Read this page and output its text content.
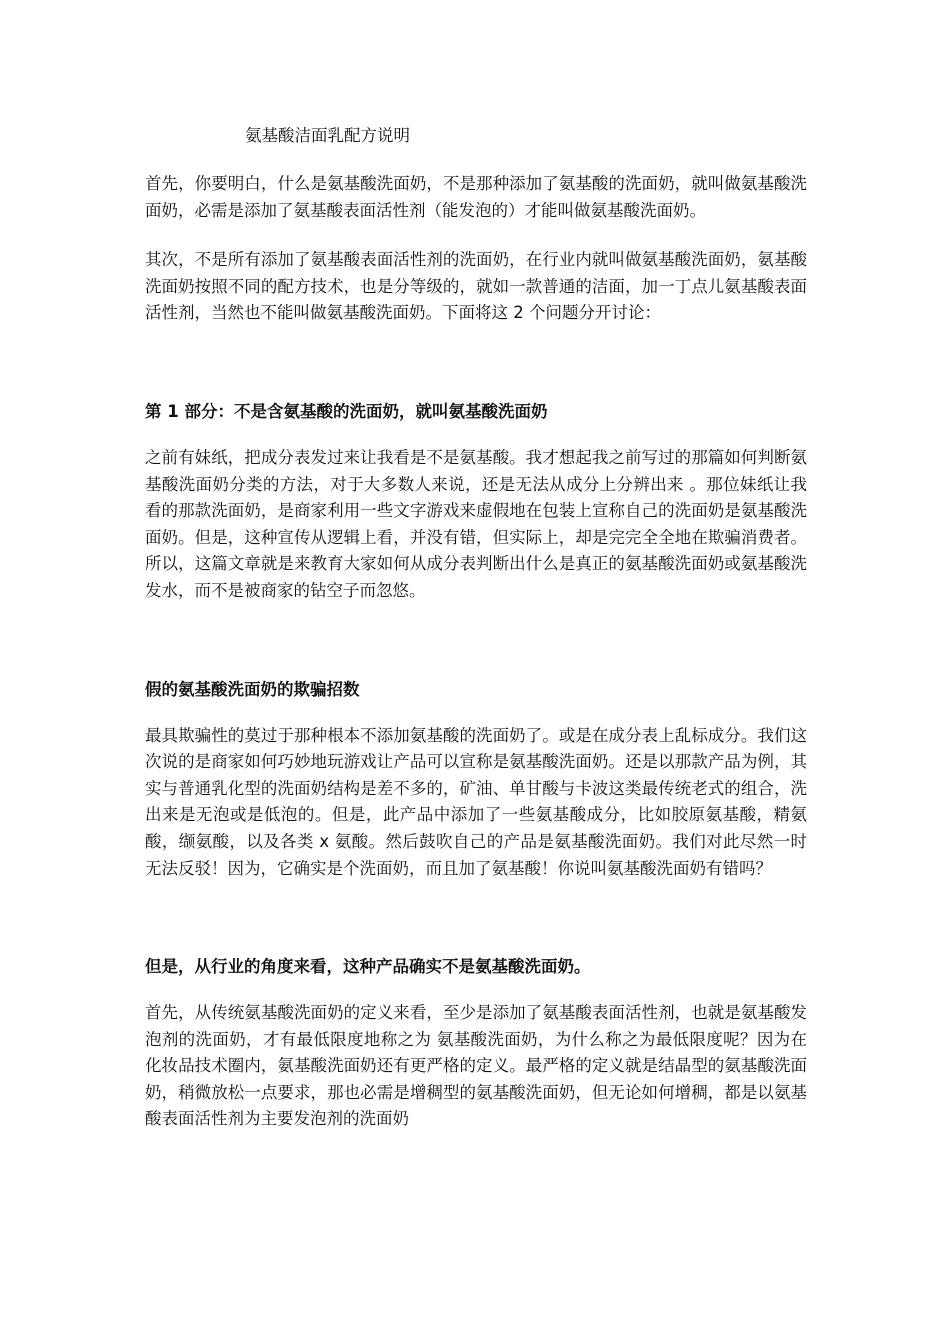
氨基酸洁面乳配方说明

首先，你要明白，什么是氨基酸洗面奶，不是那种添加了氨基酸的洗面奶，就叫做氨基酸洗面奶，必需是添加了氨基酸表面活性剂（能发泡的）才能叫做氨基酸洗面奶。

其次，不是所有添加了氨基酸表面活性剂的洗面奶，在行业内就叫做氨基酸洗面奶，氨基酸洗面奶按照不同的配方技术，也是分等级的，就如一款普通的洁面，加一丁点儿氨基酸表面活性剂，当然也不能叫做氨基酸洗面奶。下面将这 2 个问题分开讨论：

第 1 部分：不是含氨基酸的洗面奶，就叫氨基酸洗面奶

之前有妹纸，把成分表发过来让我看是不是氨基酸。我才想起我之前写过的那篇如何判断氨基酸洗面奶分类的方法，对于大多数人来说，还是无法从成分上分辨出来 。那位妹纸让我看的那款洗面奶，是商家利用一些文字游戏来虚假地在包装上宣称自己的洗面奶是氨基酸洗面奶。但是，这种宣传从逻辑上看，并没有错，但实际上，却是完完全全地在欺骗消费者。所以，这篇文章就是来教育大家如何从成分表判断出什么是真正的氨基酸洗面奶或氨基酸洗发水，而不是被商家的钻空子而忽悠。

假的氨基酸洗面奶的欺骗招数

最具欺骗性的莫过于那种根本不添加氨基酸的洗面奶了。或是在成分表上乱标成分。我们这次说的是商家如何巧妙地玩游戏让产品可以宣称是氨基酸洗面奶。还是以那款产品为例，其实与普通乳化型的洗面奶结构是差不多的，矿油、单甘酸与卡波这类最传统老式的组合，洗出来是无泡或是低泡的。但是，此产品中添加了一些氨基酸成分，比如胶原氨基酸，精氨酸，缬氨酸，以及各类 x 氨酸。然后鼓吹自己的产品是氨基酸洗面奶。我们对此尽然一时无法反驳！因为，它确实是个洗面奶，而且加了氨基酸！你说叫氨基酸洗面奶有错吗？

但是，从行业的角度来看，这种产品确实不是氨基酸洗面奶。

首先，从传统氨基酸洗面奶的定义来看，至少是添加了氨基酸表面活性剂，也就是氨基酸发泡剂的洗面奶，才有最低限度地称之为 氨基酸洗面奶，为什么称之为最低限度呢？因为在化妆品技术圈内，氨基酸洗面奶还有更严格的定义。最严格的定义就是结晶型的氨基酸洗面奶，稍微放松一点要求，那也必需是增稠型的氨基酸洗面奶，但无论如何增稠，都是以氨基酸表面活性剂为主要发泡剂的洗面奶
